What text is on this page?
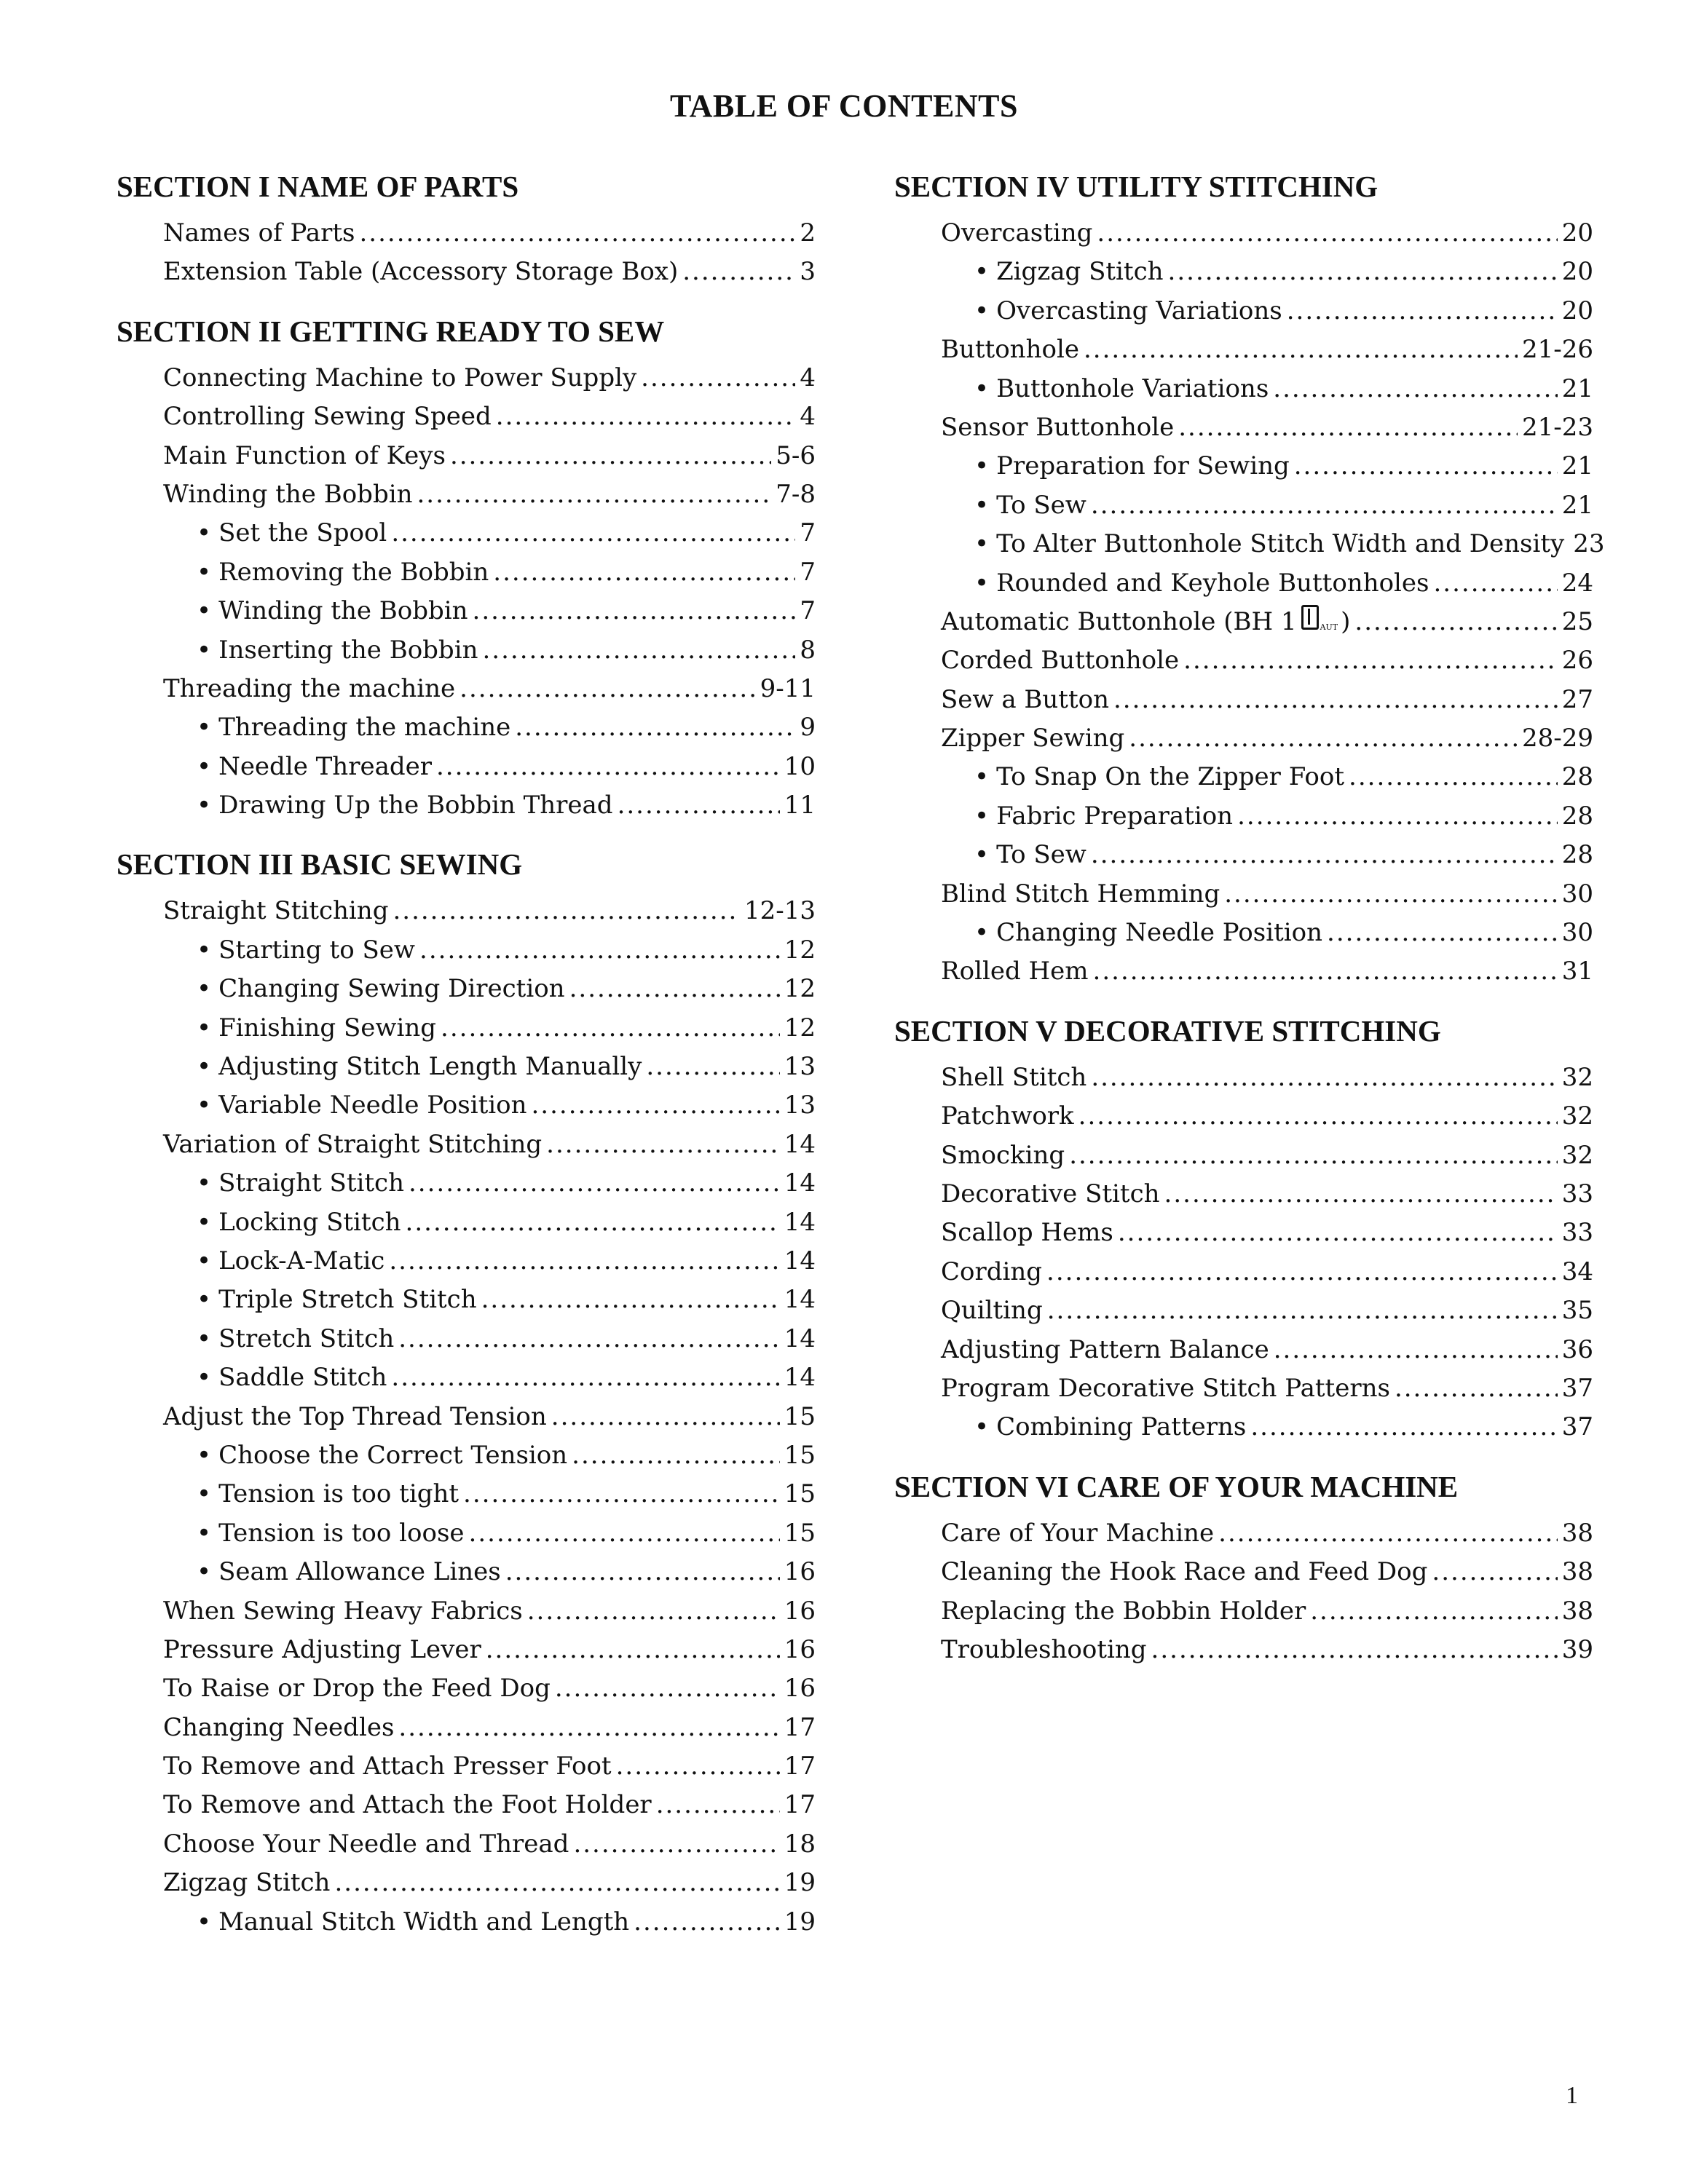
TABLE OF CONTENTS
SECTION I NAME OF PARTS
Names of Parts .....	2
Extension Table (Accessory Storage Box) .....	3
SECTION II GETTING READY TO SEW
Connecting Machine to Power Supply .....	4
Controlling Sewing Speed .....	4
Main Function of Keys .....	5-6
Winding the Bobbin .....	7-8
• Set the Spool .....	7
• Removing the Bobbin .....	7
• Winding the Bobbin .....	7
• Inserting the Bobbin .....	8
Threading the machine .....	9-11
• Threading the machine .....	9
• Needle Threader .....	10
• Drawing Up the Bobbin Thread .....	11
SECTION III BASIC SEWING
Straight Stitching .....	12-13
• Starting to Sew .....	12
• Changing Sewing Direction .....	12
• Finishing Sewing .....	12
• Adjusting Stitch Length Manually .....	13
• Variable Needle Position .....	13
Variation of Straight Stitching .....	14
• Straight Stitch .....	14
• Locking Stitch .....	14
• Lock-A-Matic .....	14
• Triple Stretch Stitch .....	14
• Stretch Stitch .....	14
• Saddle Stitch .....	14
Adjust the Top Thread Tension .....	15
• Choose the Correct Tension .....	15
• Tension is too tight .....	15
• Tension is too loose .....	15
• Seam Allowance Lines .....	16
When Sewing Heavy Fabrics .....	16
Pressure Adjusting Lever .....	16
To Raise or Drop the Feed Dog .....	16
Changing Needles .....	17
To Remove and Attach Presser Foot .....	17
To Remove and Attach the Foot Holder .....	17
Choose Your Needle and Thread .....	18
Zigzag Stitch .....	19
• Manual Stitch Width and Length .....	19
SECTION IV UTILITY STITCHING
Overcasting .....	20
• Zigzag Stitch .....	20
• Overcasting Variations .....	20
Buttonhole .....	21-26
• Buttonhole Variations .....	21
Sensor Buttonhole .....	21-23
• Preparation for Sewing .....	21
• To Sew .....	21
• To Alter Buttonhole Stitch Width and Density 23
• Rounded and Keyhole Buttonholes .....	24
Automatic Buttonhole (BH 1	AUT ) .....	25
Corded Buttonhole .....	26
Sew a Button .....	27
Zipper Sewing .....	28-29
• To Snap On the Zipper Foot .....	28
• Fabric Preparation .....	28
• To Sew .....	28
Blind Stitch Hemming .....	30
• Changing Needle Position .....	30
Rolled Hem .....	31
SECTION V DECORATIVE STITCHING
Shell Stitch .....	32
Patchwork .....	32
Smocking .....	32
Decorative Stitch .....	33
Scallop Hems .....	33
Cording .....	34
Quilting .....	35
Adjusting Pattern Balance .....	36
Program Decorative Stitch Patterns .....	37
• Combining Patterns .....	37
SECTION VI CARE OF YOUR MACHINE
Care of Your Machine .....	38
Cleaning the Hook Race and Feed Dog .....	38
Replacing the Bobbin Holder .....	38
Troubleshooting .....	39
1
